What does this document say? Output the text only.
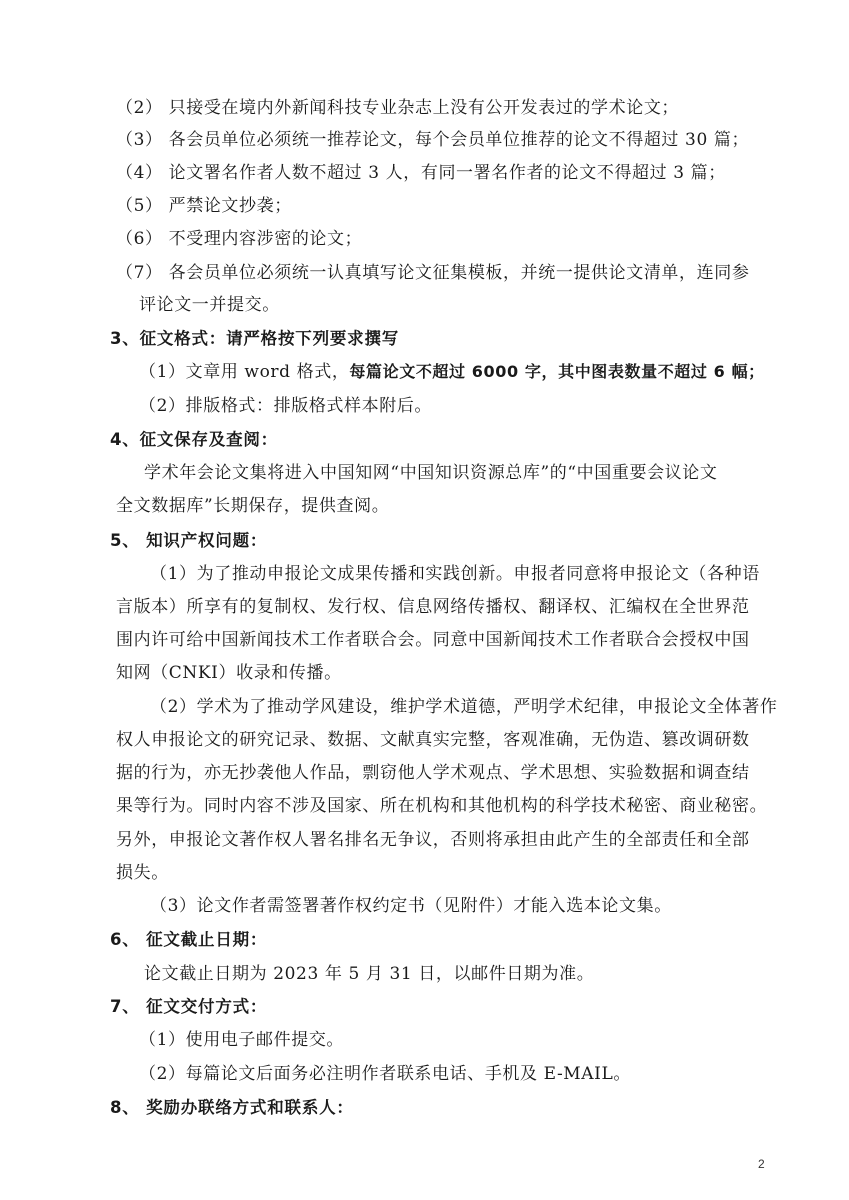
（2） 只接受在境内外新闻科技专业杂志上没有公开发表过的学术论文；
（3） 各会员单位必须统一推荐论文，每个会员单位推荐的论文不得超过 30 篇；
（4） 论文署名作者人数不超过 3 人，有同一署名作者的论文不得超过 3 篇；
（5） 严禁论文抄袭；
（6） 不受理内容涉密的论文；
（7） 各会员单位必须统一认真填写论文征集模板，并统一提供论文清单，连同参
评论文一并提交。
3、征文格式：请严格按下列要求撰写
（1）文章用 word 格式，每篇论文不超过 6000 字，其中图表数量不超过 6 幅；
（2）排版格式：排版格式样本附后。
4、征文保存及查阅：
学术年会论文集将进入中国知网“中国知识资源总库”的“中国重要会议论文
全文数据库”长期保存，提供查阅。
5、 知识产权问题：
（1）为了推动申报论文成果传播和实践创新。申报者同意将申报论文（各种语
言版本）所享有的复制权、发行权、信息网络传播权、翻译权、汇编权在全世界范
围内许可给中国新闻技术工作者联合会。同意中国新闻技术工作者联合会授权中国
知网（CNKI）收录和传播。
（2）学术为了推动学风建设，维护学术道德，严明学术纪律，申报论文全体著作
权人申报论文的研究记录、数据、文献真实完整，客观准确，无伪造、篡改调研数
据的行为，亦无抄袭他人作品，剽窃他人学术观点、学术思想、实验数据和调查结
果等行为。同时内容不涉及国家、所在机构和其他机构的科学技术秘密、商业秘密。
另外，申报论文著作权人署名排名无争议，否则将承担由此产生的全部责任和全部
损失。
（3）论文作者需签署著作权约定书（见附件）才能入选本论文集。
6、 征文截止日期：
论文截止日期为 2023 年 5 月 31 日，以邮件日期为准。
7、 征文交付方式：
（1）使用电子邮件提交。
（2）每篇论文后面务必注明作者联系电话、手机及 E-MAIL。
8、 奖励办联络方式和联系人：
2
